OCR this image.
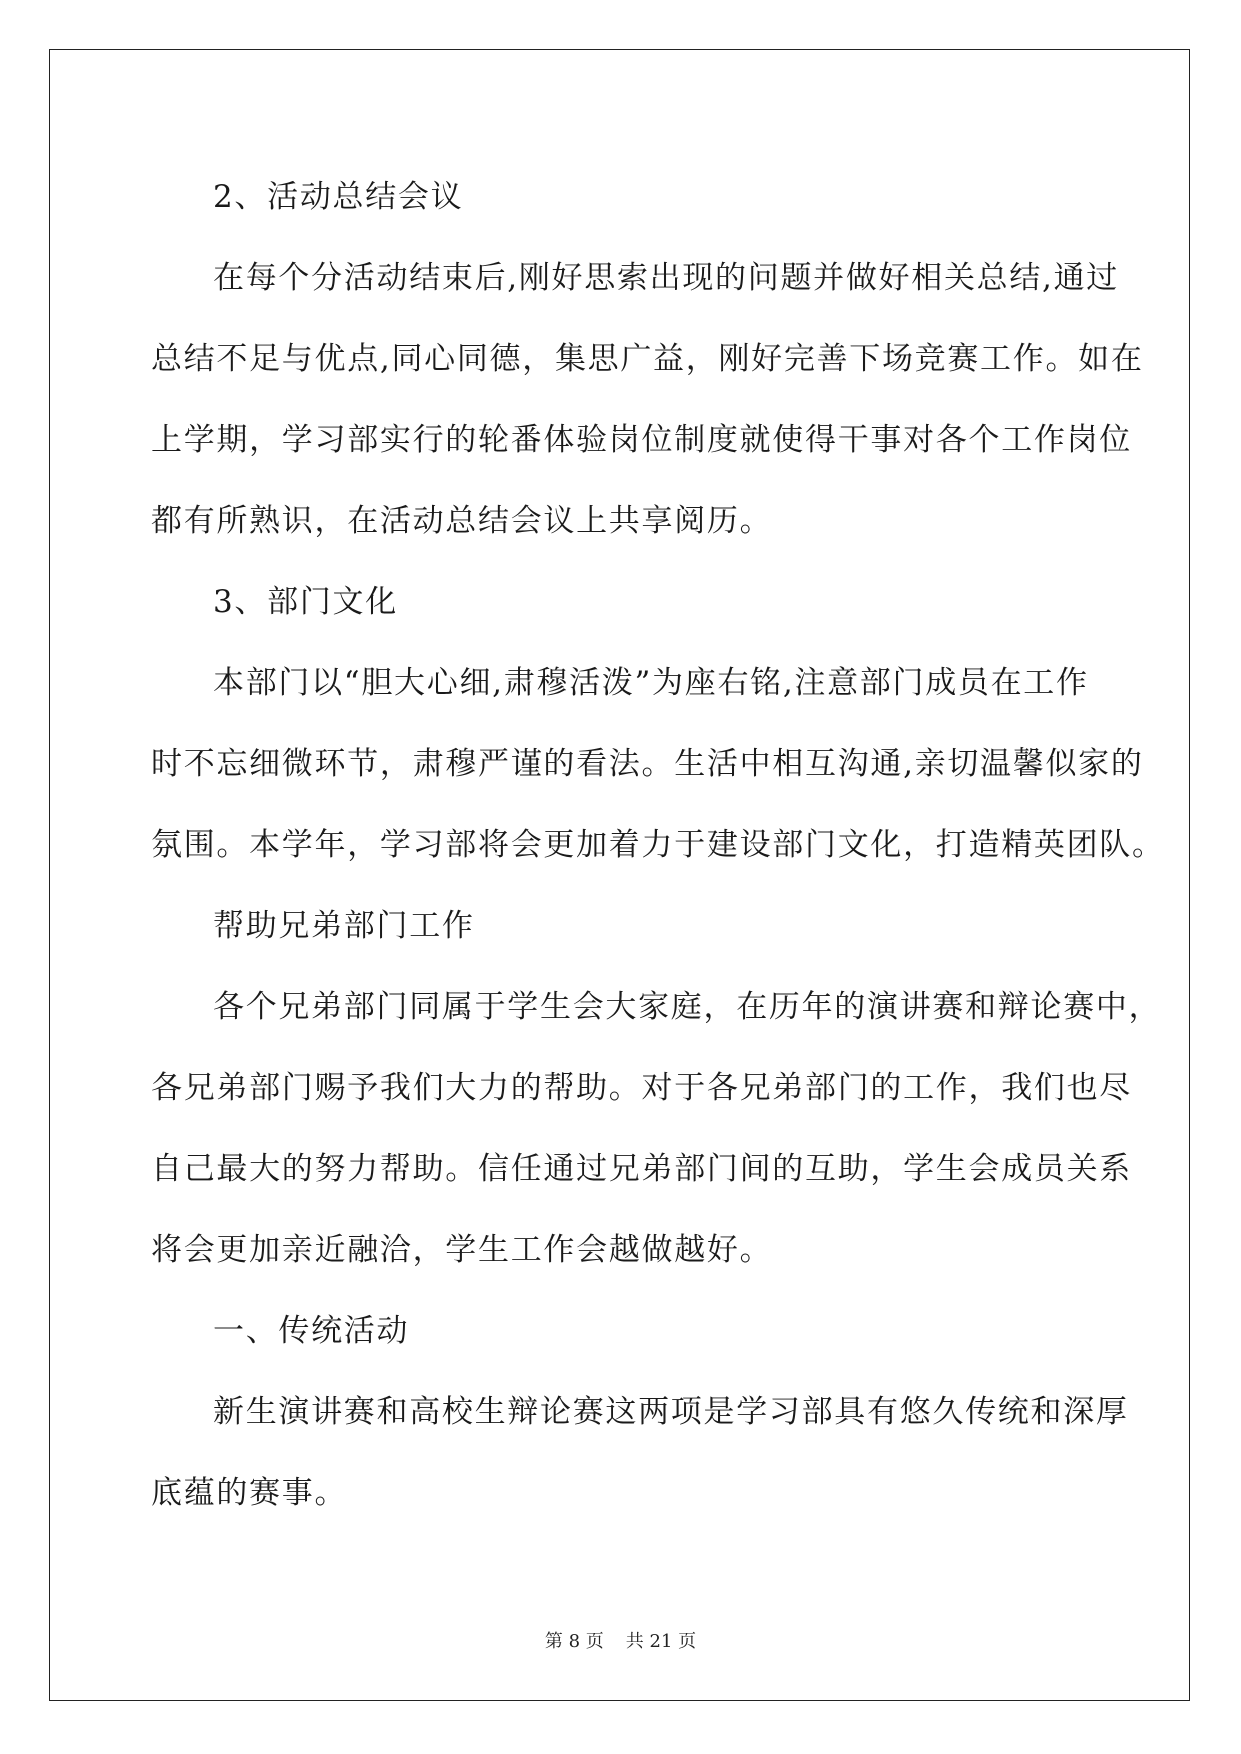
2、活动总结会议

在每个分活动结束后,刚好思索出现的问题并做好相关总结,通过

总结不足与优点,同心同德，集思广益，刚好完善下场竞赛工作。如在

上学期，学习部实行的轮番体验岗位制度就使得干事对各个工作岗位

都有所熟识，在活动总结会议上共享阅历。

3、部门文化

本部门以“胆大心细,肃穆活泼”为座右铭,注意部门成员在工作

时不忘细微环节，肃穆严谨的看法。生活中相互沟通,亲切温馨似家的

氛围。本学年，学习部将会更加着力于建设部门文化，打造精英团队。

帮助兄弟部门工作

各个兄弟部门同属于学生会大家庭，在历年的演讲赛和辩论赛中，

各兄弟部门赐予我们大力的帮助。对于各兄弟部门的工作，我们也尽

自己最大的努力帮助。信任通过兄弟部门间的互助，学生会成员关系

将会更加亲近融洽，学生工作会越做越好。

一、传统活动

新生演讲赛和高校生辩论赛这两项是学习部具有悠久传统和深厚

底蕴的赛事。

第 8 页 共 21 页
